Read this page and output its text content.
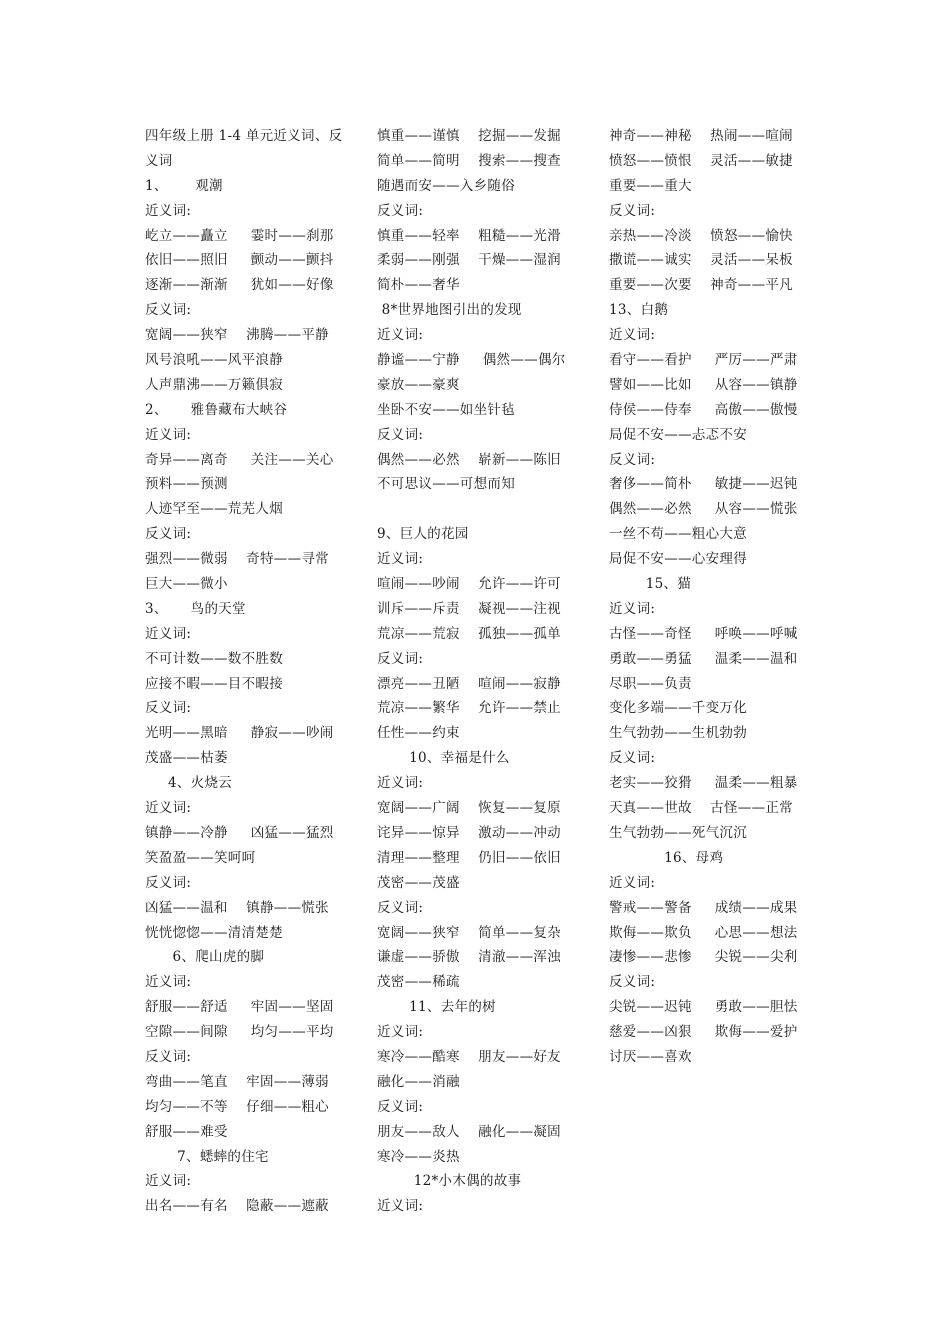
四年级上册 1-4 单元近义词、反
义词
1、      观潮
近义词:
屹立——矗立     霎时——刹那
依旧——照旧     颤动——颤抖
逐渐——渐渐     犹如——好像
反义词:
宽阔——狭窄    沸腾——平静
风号浪吼——风平浪静
人声鼎沸——万籁俱寂
2、     雅鲁藏布大峡谷
近义词:
奇异——离奇     关注——关心
预料——预测
人迹罕至——荒芜人烟
反义词:
强烈——微弱    奇特——寻常
巨大——微小
3、     鸟的天堂
近义词:
不可计数——数不胜数
应接不暇——目不暇接
反义词:
光明——黑暗     静寂——吵闹
茂盛——枯萎
4、火烧云
近义词:
镇静——冷静     凶猛——猛烈
笑盈盈——笑呵呵
反义词:
凶猛——温和    镇静——慌张
恍恍惚惚——清清楚楚
6、爬山虎的脚
近义词:
舒服——舒适     牢固——坚固
空隙——间隙     均匀——平均
反义词:
弯曲——笔直    牢固——薄弱
均匀——不等    仔细——粗心
舒服——难受
7、蟋蟀的住宅
近义词:
出名——有名    隐蔽——遮蔽
慎重——谨慎    挖掘——发掘
简单——简明    搜索——搜查
随遇而安——入乡随俗
反义词:
慎重——轻率    粗糙——光滑
柔弱——刚强    干燥——湿润
简朴——奢华
8*世界地图引出的发现
近义词:
静谧——宁静     偶然——偶尔
豪放——豪爽
坐卧不安——如坐针毡
反义词:
偶然——必然    崭新——陈旧
不可思议——可想而知
9、巨人的花园
近义词:
喧闹——吵闹    允许——许可
训斥——斥责    凝视——注视
荒凉——荒寂    孤独——孤单
反义词:
漂亮——丑陋    喧闹——寂静
荒凉——繁华    允许——禁止
任性——约束
10、幸福是什么
近义词:
宽阔——广阔    恢复——复原
诧异——惊异    激动——冲动
清理——整理    仍旧——依旧
茂密——茂盛
反义词:
宽阔——狭窄    简单——复杂
谦虚——骄傲    清澈——浑浊
茂密——稀疏
11、去年的树
近义词:
寒冷——酷寒    朋友——好友
融化——消融
反义词:
朋友——敌人    融化——凝固
寒冷——炎热
12*小木偶的故事
近义词:
神奇——神秘    热闹——喧闹
愤怒——愤恨    灵活——敏捷
重要——重大
反义词:
亲热——冷淡    愤怒——愉快
撒谎——诚实    灵活——呆板
重要——次要    神奇——平凡
13、白鹅
近义词:
看守——看护     严厉——严肃
譬如——比如     从容——镇静
侍侯——侍奉     高傲——傲慢
局促不安——忐忑不安
反义词:
奢侈——简朴     敏捷——迟钝
偶然——必然     从容——慌张
一丝不苟——粗心大意
局促不安——心安理得
15、猫
近义词:
古怪——奇怪     呼唤——呼喊
勇敢——勇猛     温柔——温和
尽职——负责
变化多端——千变万化
生气勃勃——生机勃勃
反义词:
老实——狡猾     温柔——粗暴
天真——世故    古怪——正常
生气勃勃——死气沉沉
16、母鸡
近义词:
警戒——警备     成绩——成果
欺侮——欺负     心思——想法
凄惨——悲惨     尖锐——尖利
反义词:
尖锐——迟钝     勇敢——胆怯
慈爱——凶狠     欺侮——爱护
讨厌——喜欢
